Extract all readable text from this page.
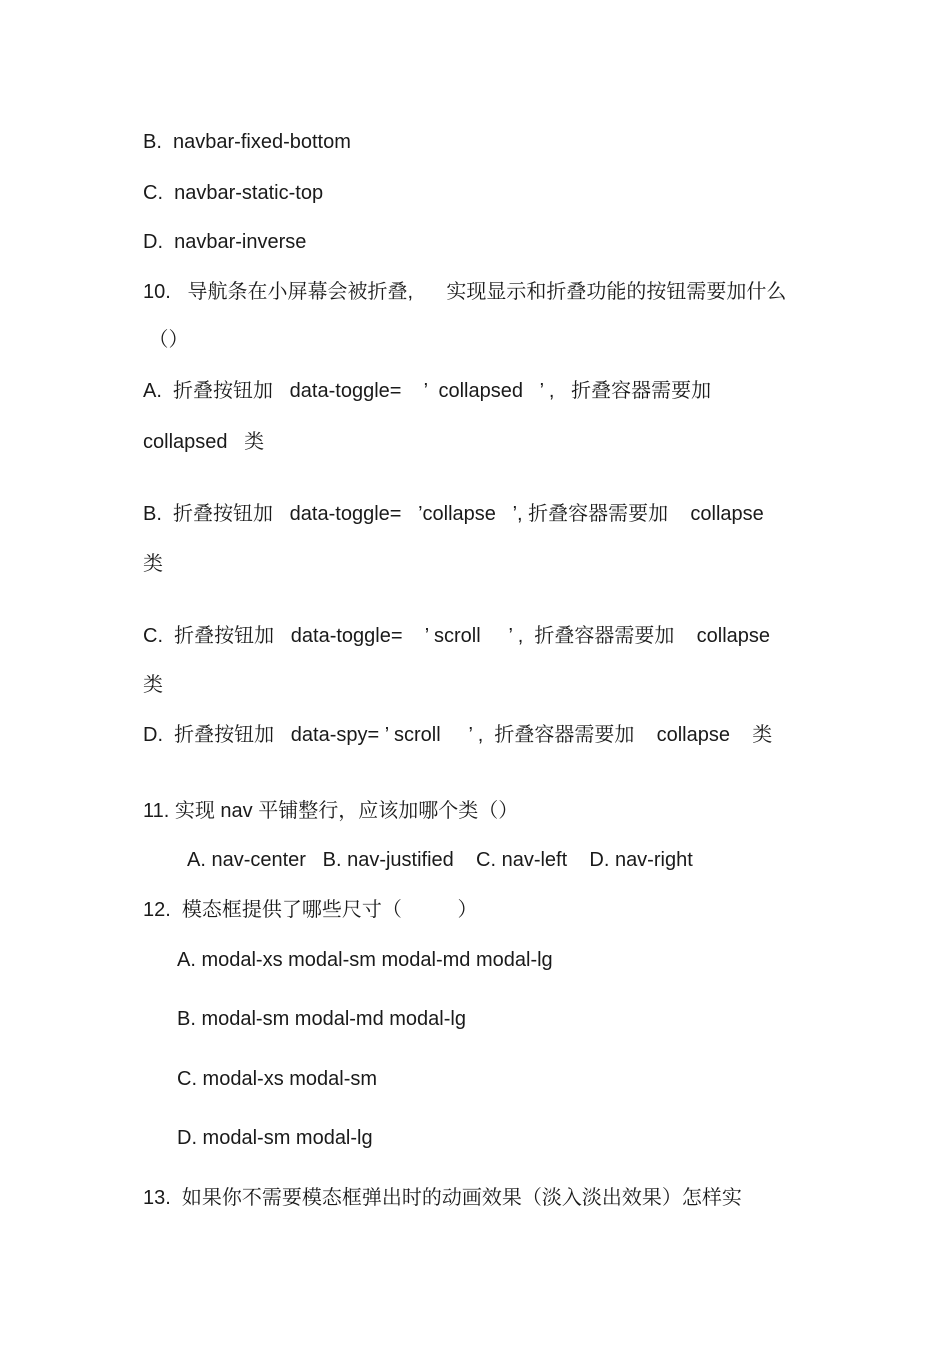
B.  navbar-fixed-bottom
C.  navbar-static-top
D.  navbar-inverse
10.   导航条在小屏幕会被折叠,      实现显示和折叠功能的按钮需要加什么
（）
A.  折叠按钮加   data-toggle=    ’  collapsed   ’ ,   折叠容器需要加
collapsed   类
B.  折叠按钮加   data-toggle=   ’collapse   ’, 折叠容器需要加    collapse
类
C.  折叠按钮加   data-toggle=    ’ scroll     ’ ,  折叠容器需要加    collapse
类
D.  折叠按钮加   data-spy= ’ scroll     ’ ,  折叠容器需要加    collapse    类
11. 实现 nav 平铺整行，应该加哪个类（）
A. nav-center   B. nav-justified    C. nav-left    D. nav-right
12.  模态框提供了哪些尺寸（          ）
A. modal-xs modal-sm modal-md modal-lg
B. modal-sm modal-md modal-lg
C. modal-xs modal-sm
D. modal-sm modal-lg
13.  如果你不需要模态框弹出时的动画效果（淡入淡出效果）怎样实
